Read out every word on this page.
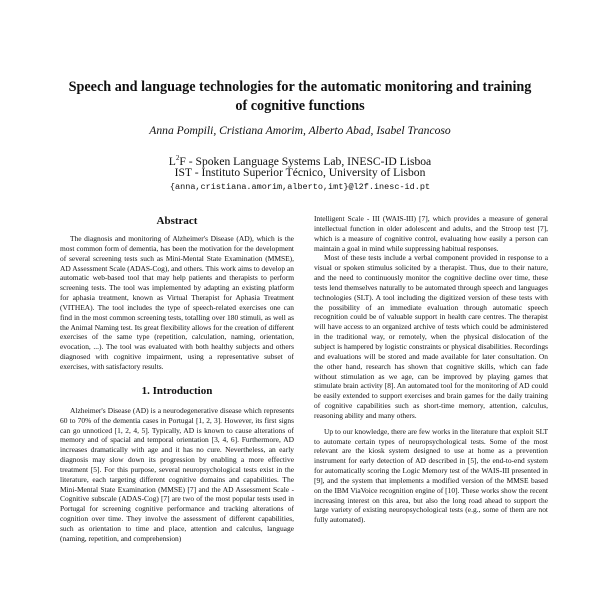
Speech and language technologies for the automatic monitoring and training
of cognitive functions
Anna Pompili, Cristiana Amorim, Alberto Abad, Isabel Trancoso
$L^2F$ - Spoken Language Systems Lab, INESC-ID Lisboa
IST - Instituto Superior Técnico, University of Lisbon
{anna,cristiana.amorim,alberto,imt}@l2f.inesc-id.pt
Abstract

The diagnosis and monitoring of Alzheimer's Disease (AD), which is the most common form of dementia, has been the motivation for the development of several screening tests such as Mini-Mental State Examination (MMSE), AD Assessment Scale (ADAS-Cog), and others. This work aims to develop an automatic web-based tool that may help patients and therapists to perform screening tests. The tool was implemented by adapting an existing platform for aphasia treatment, known as Virtual Therapist for Aphasia Treatment (VITHEA). The tool includes the type of speech-related exercises one can find in the most common screening tests, totalling over 180 stimuli, as well as the Animal Naming test. Its great flexibility allows for the creation of different exercises of the same type (repetition, calculation, naming, orientation, evocation, ...). The tool was evaluated with both healthy subjects and others diagnosed with cognitive impairment, using a representative subset of exercises, with satisfactory results.

1. Introduction

Alzheimer's Disease (AD) is a neurodegenerative disease which represents 60 to 70% of the dementia cases in Portugal [1, 2, 3]. However, its first signs can go unnoticed [1, 2, 4, 5]. Typically, AD is known to cause alterations of memory and of spacial and temporal orientation [3, 4, 6]. Furthermore, AD increases dramatically with age and it has no cure. Nevertheless, an early diagnosis may slow down its progression by enabling a more effective treatment [5]. For this purpose, several neuropsychological tests exist in the literature, each targeting different cognitive domains and capabilities. The Mini-Mental State Examination (MMSE) [7] and the AD Assessment Scale - Cognitive subscale (ADAS-Cog) [7] are two of the most popular tests used in Portugal for screening cognitive performance and tracking alterations of cognition over time. They involve the assessment of different capabilities, such as orientation to time and place, attention and calculus, language (naming, repetition, and comprehension)

Intelligent Scale - III (WAIS-III) [7], which provides a measure of general intellectual function in older adolescent and adults, and the Stroop test [7], which is a measure of cognitive control, evaluating how easily a person can maintain a goal in mind while suppressing habitual responses.

Most of these tests include a verbal component provided in response to a visual or spoken stimulus solicited by a therapist. Thus, due to their nature, and the need to continuously monitor the cognitive decline over time, these tests lend themselves naturally to be automated through speech and languages technologies (SLT). A tool including the digitized version of these tests with the possibility of an immediate evaluation through automatic speech recognition could be of valuable support in health care centres. The therapist will have access to an organized archive of tests which could be administered in the traditional way, or remotely, when the physical dislocation of the subject is hampered by logistic constraints or physical disabilities. Recordings and evaluations will be stored and made available for later consultation. On the other hand, research has shown that cognitive skills, which can fade without stimulation as we age, can be improved by playing games that stimulate brain activity [8]. An automated tool for the monitoring of AD could be easily extended to support exercises and brain games for the daily training of cognitive capabilities such as short-time memory, attention, calculus, reasoning ability and many others.

Up to our knowledge, there are few works in the literature that exploit SLT to automate certain types of neuropsychological tests. Some of the most relevant are the kiosk system designed to use at home as a prevention instrument for early detection of AD described in [5], the end-to-end system for automatically scoring the Logic Memory test of the WAIS-III presented in [9], and the system that implements a modified version of the MMSE based on the IBM ViaVoice recognition engine of [10]. These works show the recent increasing interest on this area, but also the long road ahead to support the large variety of existing neuropsychological tests (e.g., some of them are not fully automated).
